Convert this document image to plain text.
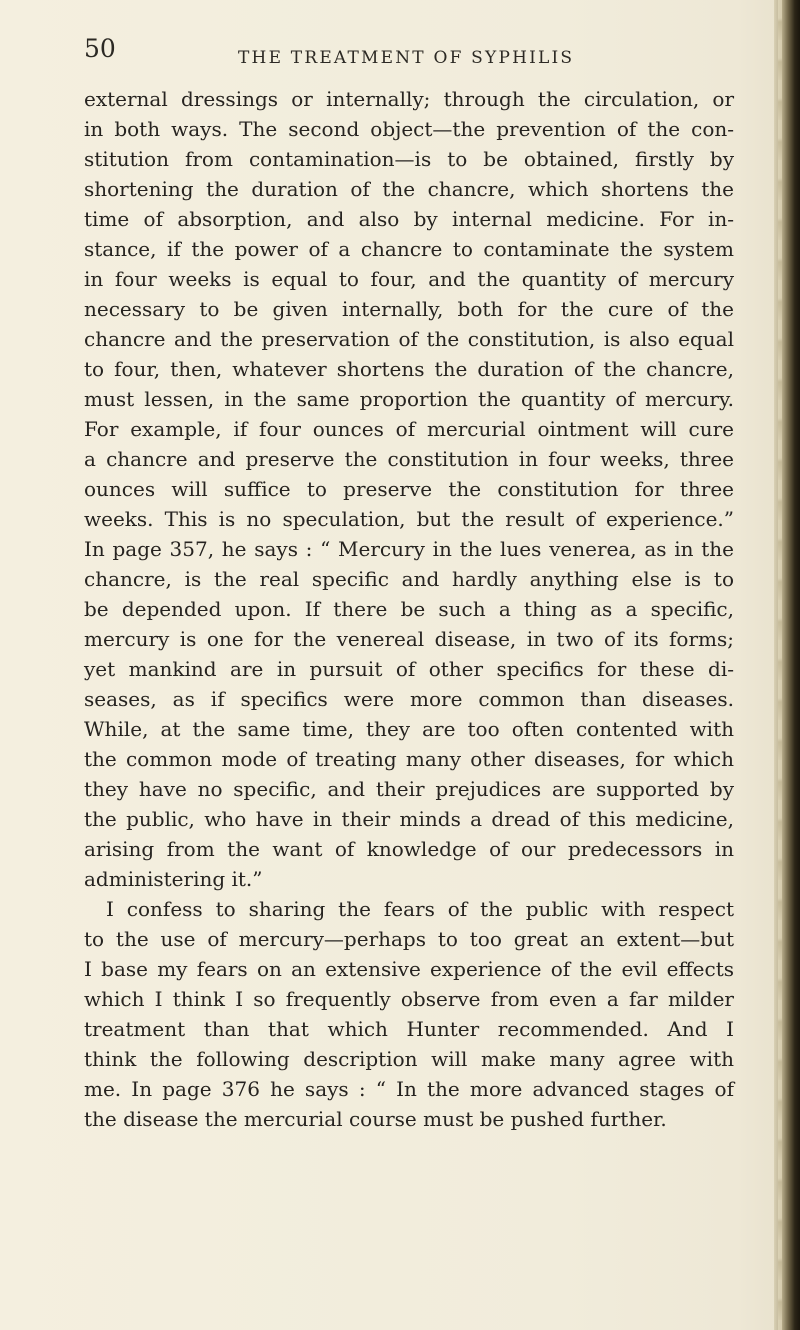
50	THE TREATMENT OF SYPHILIS
external dressings or internally; through the circulation, or
in both ways. The second object—the prevention of the con-
stitution from contamination—is to be obtained, firstly by
shortening the duration of the chancre, which shortens the
time of absorption, and also by internal medicine. For in-
stance, if the power of a chancre to contaminate the system
in four weeks is equal to four, and the quantity of mercury
necessary to be given internally, both for the cure of the
chancre and the preservation of the constitution, is also equal
to four, then, whatever shortens the duration of the chancre,
must lessen, in the same proportion the quantity of mercury.
For example, if four ounces of mercurial ointment will cure
a chancre and preserve the constitution in four weeks, three
ounces will suffice to preserve the constitution for three
weeks. This is no speculation, but the result of experience.”
In page 357, he says : “ Mercury in the lues venerea, as in the
chancre, is the real specific and hardly anything else is to
be depended upon. If there be such a thing as a specific,
mercury is one for the venereal disease, in two of its forms;
yet mankind are in pursuit of other specifics for these di-
seases, as if specifics were more common than diseases.
While, at the same time, they are too often contented with
the common mode of treating many other diseases, for which
they have no specific, and their prejudices are supported by
the public, who have in their minds a dread of this medicine,
arising from the want of knowledge of our predecessors in
administering it.”
I confess to sharing the fears of the public with respect
to the use of mercury—perhaps to too great an extent—but
I base my fears on an extensive experience of the evil effects
which I think I so frequently observe from even a far milder
treatment than that which Hunter recommended. And I
think the following description will make many agree with
me. In page 376 he says : “ In the more advanced stages of
the disease the mercurial course must be pushed further.
